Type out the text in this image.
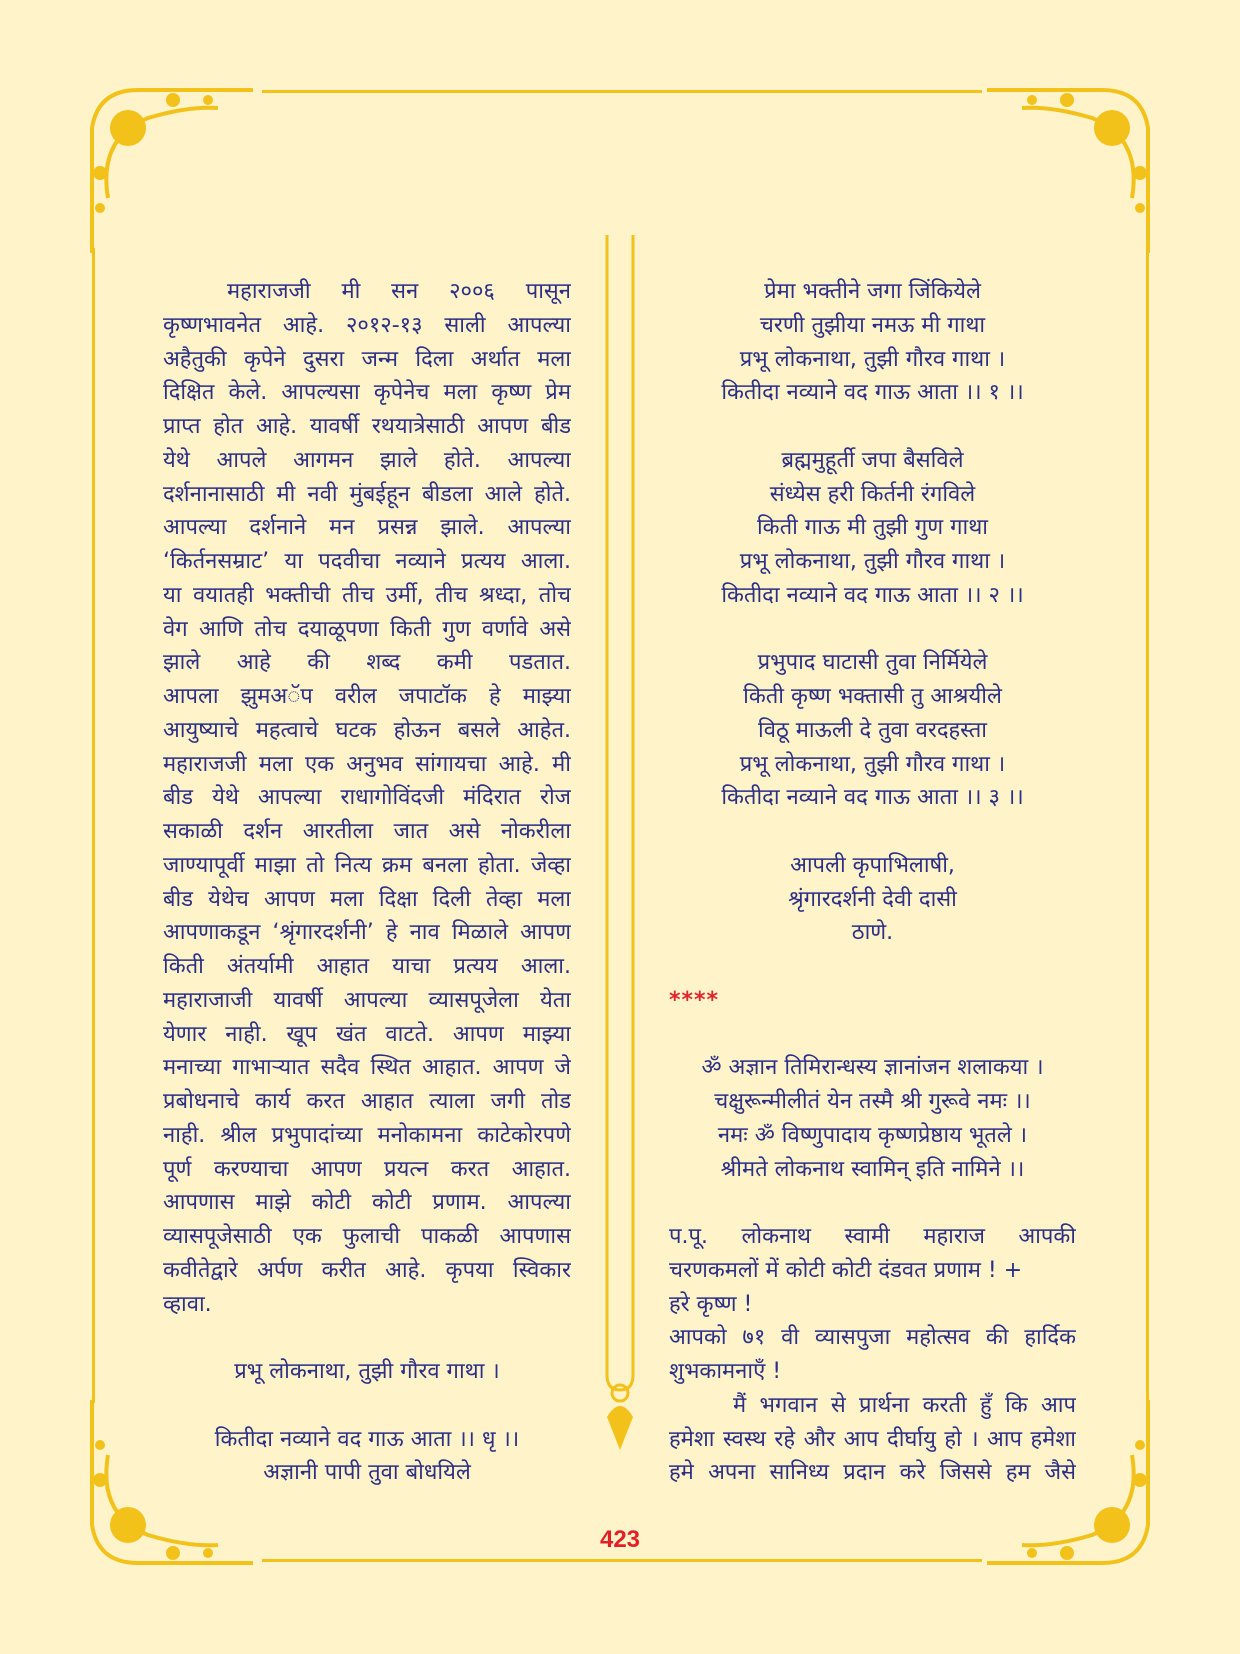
महाराजजी मी सन २००६ पासून
कृष्णभावनेत आहे. २०१२-१३ साली आपल्या
अहैतुकी कृपेने दुसरा जन्म दिला अर्थात मला
दिक्षित केले. आपल्यसा कृपेनेच मला कृष्ण प्रेम
प्राप्त होत आहे. यावर्षी रथयात्रेसाठी आपण बीड
येथे आपले आगमन झाले होते. आपल्या
दर्शनानासाठी मी नवी मुंबईहून बीडला आले होते.
आपल्या दर्शनाने मन प्रसन्न झाले. आपल्या
‘किर्तनसम्राट’ या पदवीचा नव्याने प्रत्यय आला.
या वयातही भक्तीची तीच उर्मी, तीच श्रध्दा, तोच
वेग आणि तोच दयाळूपणा किती गुण वर्णावे असे
झाले आहे की शब्द कमी पडतात.
आपला झुमअॅप वरील जपाटॉक हे माझ्या
आयुष्याचे महत्वाचे घटक होऊन बसले आहेत.
महाराजजी मला एक अनुभव सांगायचा आहे. मी
बीड येथे आपल्या राधागोविंदजी मंदिरात रोज
सकाळी दर्शन आरतीला जात असे नोकरीला
जाण्यापूर्वी माझा तो नित्य क्रम बनला होता. जेव्हा
बीड येथेच आपण मला दिक्षा दिली तेव्हा मला
आपणाकडून ‘श्रृंगारदर्शनी’ हे नाव मिळाले आपण
किती अंतर्यामी आहात याचा प्रत्यय आला.
महाराजाजी यावर्षी आपल्या व्यासपूजेला येता
येणार नाही. खूप खंत वाटते. आपण माझ्या
मनाच्या गाभाऱ्यात सदैव स्थित आहात. आपण जे
प्रबोधनाचे कार्य करत आहात त्याला जगी तोड
नाही. श्रील प्रभुपादांच्या मनोकामना काटेकोरपणे
पूर्ण करण्याचा आपण प्रयत्न करत आहात.
आपणास माझे कोटी कोटी प्रणाम. आपल्या
व्यासपूजेसाठी एक फुलाची पाकळी आपणास
कवीतेद्वारे अर्पण करीत आहे. कृपया स्विकार
व्हावा.
प्रभू लोकनाथा, तुझी गौरव गाथा ।
कितीदा नव्याने वद गाऊ आता ।। धृ ।।
अज्ञानी पापी तुवा बोधयिले
प्रेमा भक्तीने जगा जिंकियेले
चरणी तुझीया नमऊ मी गाथा
प्रभू लोकनाथा, तुझी गौरव गाथा ।
कितीदा नव्याने वद गाऊ आता ।। १ ।।
ब्रह्ममुहूर्ती जपा बैसविले
संध्येस हरी किर्तनी रंगविले
किती गाऊ मी तुझी गुण गाथा
प्रभू लोकनाथा, तुझी गौरव गाथा ।
कितीदा नव्याने वद गाऊ आता ।। २ ।।
प्रभुपाद घाटासी तुवा निर्मियेले
किती कृष्ण भक्तासी तु आश्रयीले
विठू माऊली दे तुवा वरदहस्ता
प्रभू लोकनाथा, तुझी गौरव गाथा ।
कितीदा नव्याने वद गाऊ आता ।। ३ ।।
आपली कृपाभिलाषी,
श्रृंगारदर्शनी देवी दासी
ठाणे.
****
ॐ अज्ञान तिमिरान्धस्य ज्ञानांजन शलाकया ।
चक्षुरून्मीलीतं येन तस्मै श्री गुरूवे नमः ।।
नमः ॐ विष्णुपादाय कृष्णप्रेष्ठाय भूतले ।
श्रीमते लोकनाथ स्वामिन् इति नामिने ।।
प.पू. लोकनाथ स्वामी महाराज आपकी
चरणकमलों में कोटी कोटी दंडवत प्रणाम ! +
हरे कृष्ण !
आपको ७१ वी व्यासपुजा महोत्सव की हार्दिक
शुभकामनाएँ !
मैं भगवान से प्रार्थना करती हुँ कि आप
हमेशा स्वस्थ रहे और आप दीर्घायु हो । आप हमेशा
हमे अपना सानिध्य प्रदान करे जिससे हम जैसे
423
